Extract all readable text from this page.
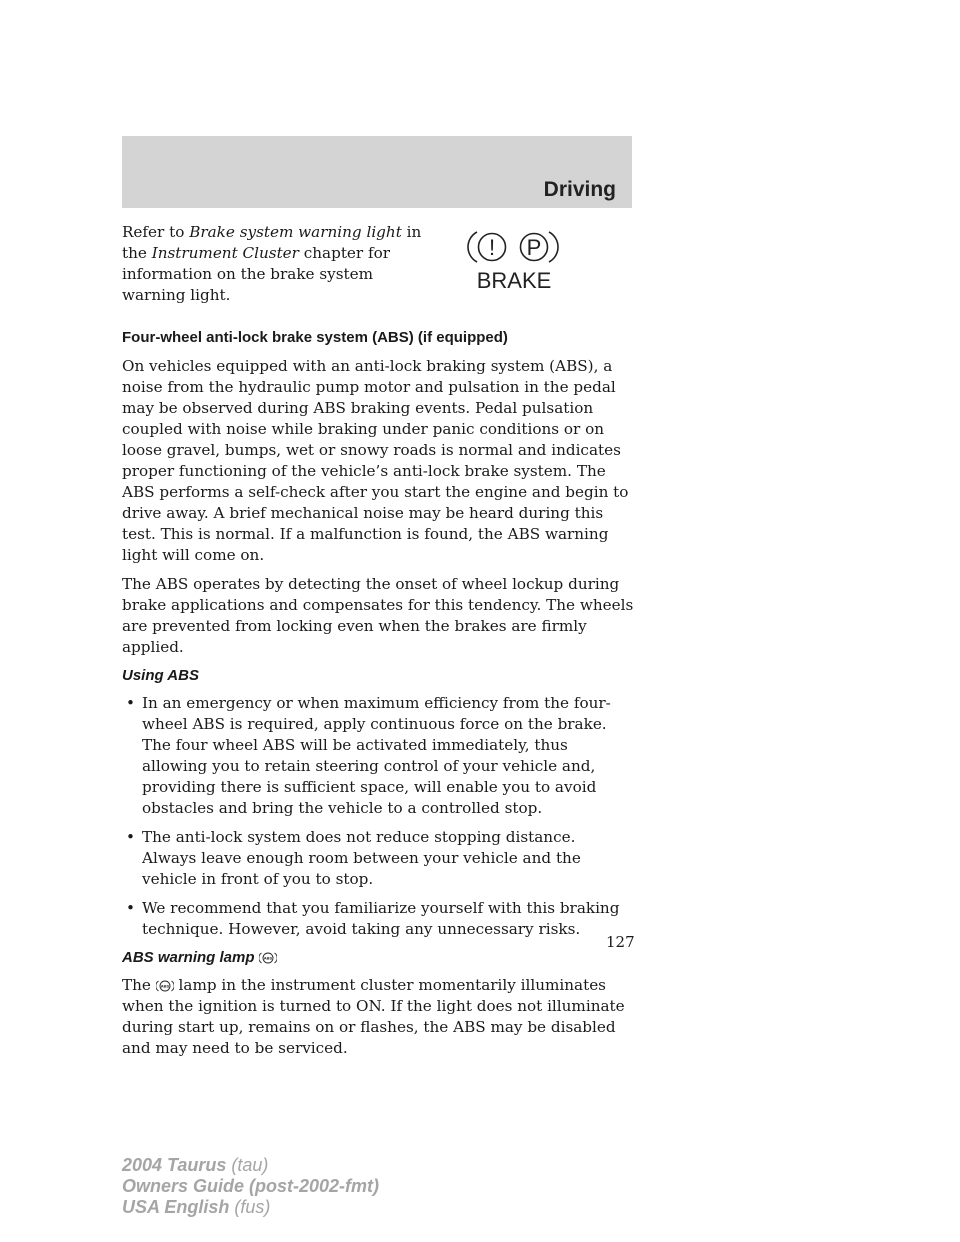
Driving
! P
BRAKE

Refer to Brake system warning light in the Instrument Cluster chapter for information on the brake system warning light.

Four-wheel anti-lock brake system (ABS) (if equipped)

On vehicles equipped with an anti-lock braking system (ABS), a noise from the hydraulic pump motor and pulsation in the pedal may be observed during ABS braking events. Pedal pulsation coupled with noise while braking under panic conditions or on loose gravel, bumps, wet or snowy roads is normal and indicates proper functioning of the vehicle’s anti-lock brake system. The ABS performs a self-check after you start the engine and begin to drive away. A brief mechanical noise may be heard during this test. This is normal. If a malfunction is found, the ABS warning light will come on.

The ABS operates by detecting the onset of wheel lockup during brake applications and compensates for this tendency. The wheels are prevented from locking even when the brakes are firmly applied.

Using ABS
• In an emergency or when maximum efficiency from the four-wheel ABS is required, apply continuous force on the brake. The four wheel ABS will be activated immediately, thus allowing you to retain steering control of your vehicle and, providing there is sufficient space, will enable you to avoid obstacles and bring the vehicle to a controlled stop.
• The anti-lock system does not reduce stopping distance. Always leave enough room between your vehicle and the vehicle in front of you to stop.
• We recommend that you familiarize yourself with this braking technique. However, avoid taking any unnecessary risks.
ABS warning lamp ABS

The ABS lamp in the instrument cluster momentarily illuminates when the ignition is turned to ON. If the light does not illuminate during start up, remains on or flashes, the ABS may be disabled and may need to be serviced.

127
2004 Taurus (tau)
Owners Guide (post-2002-fmt)
USA English (fus)
